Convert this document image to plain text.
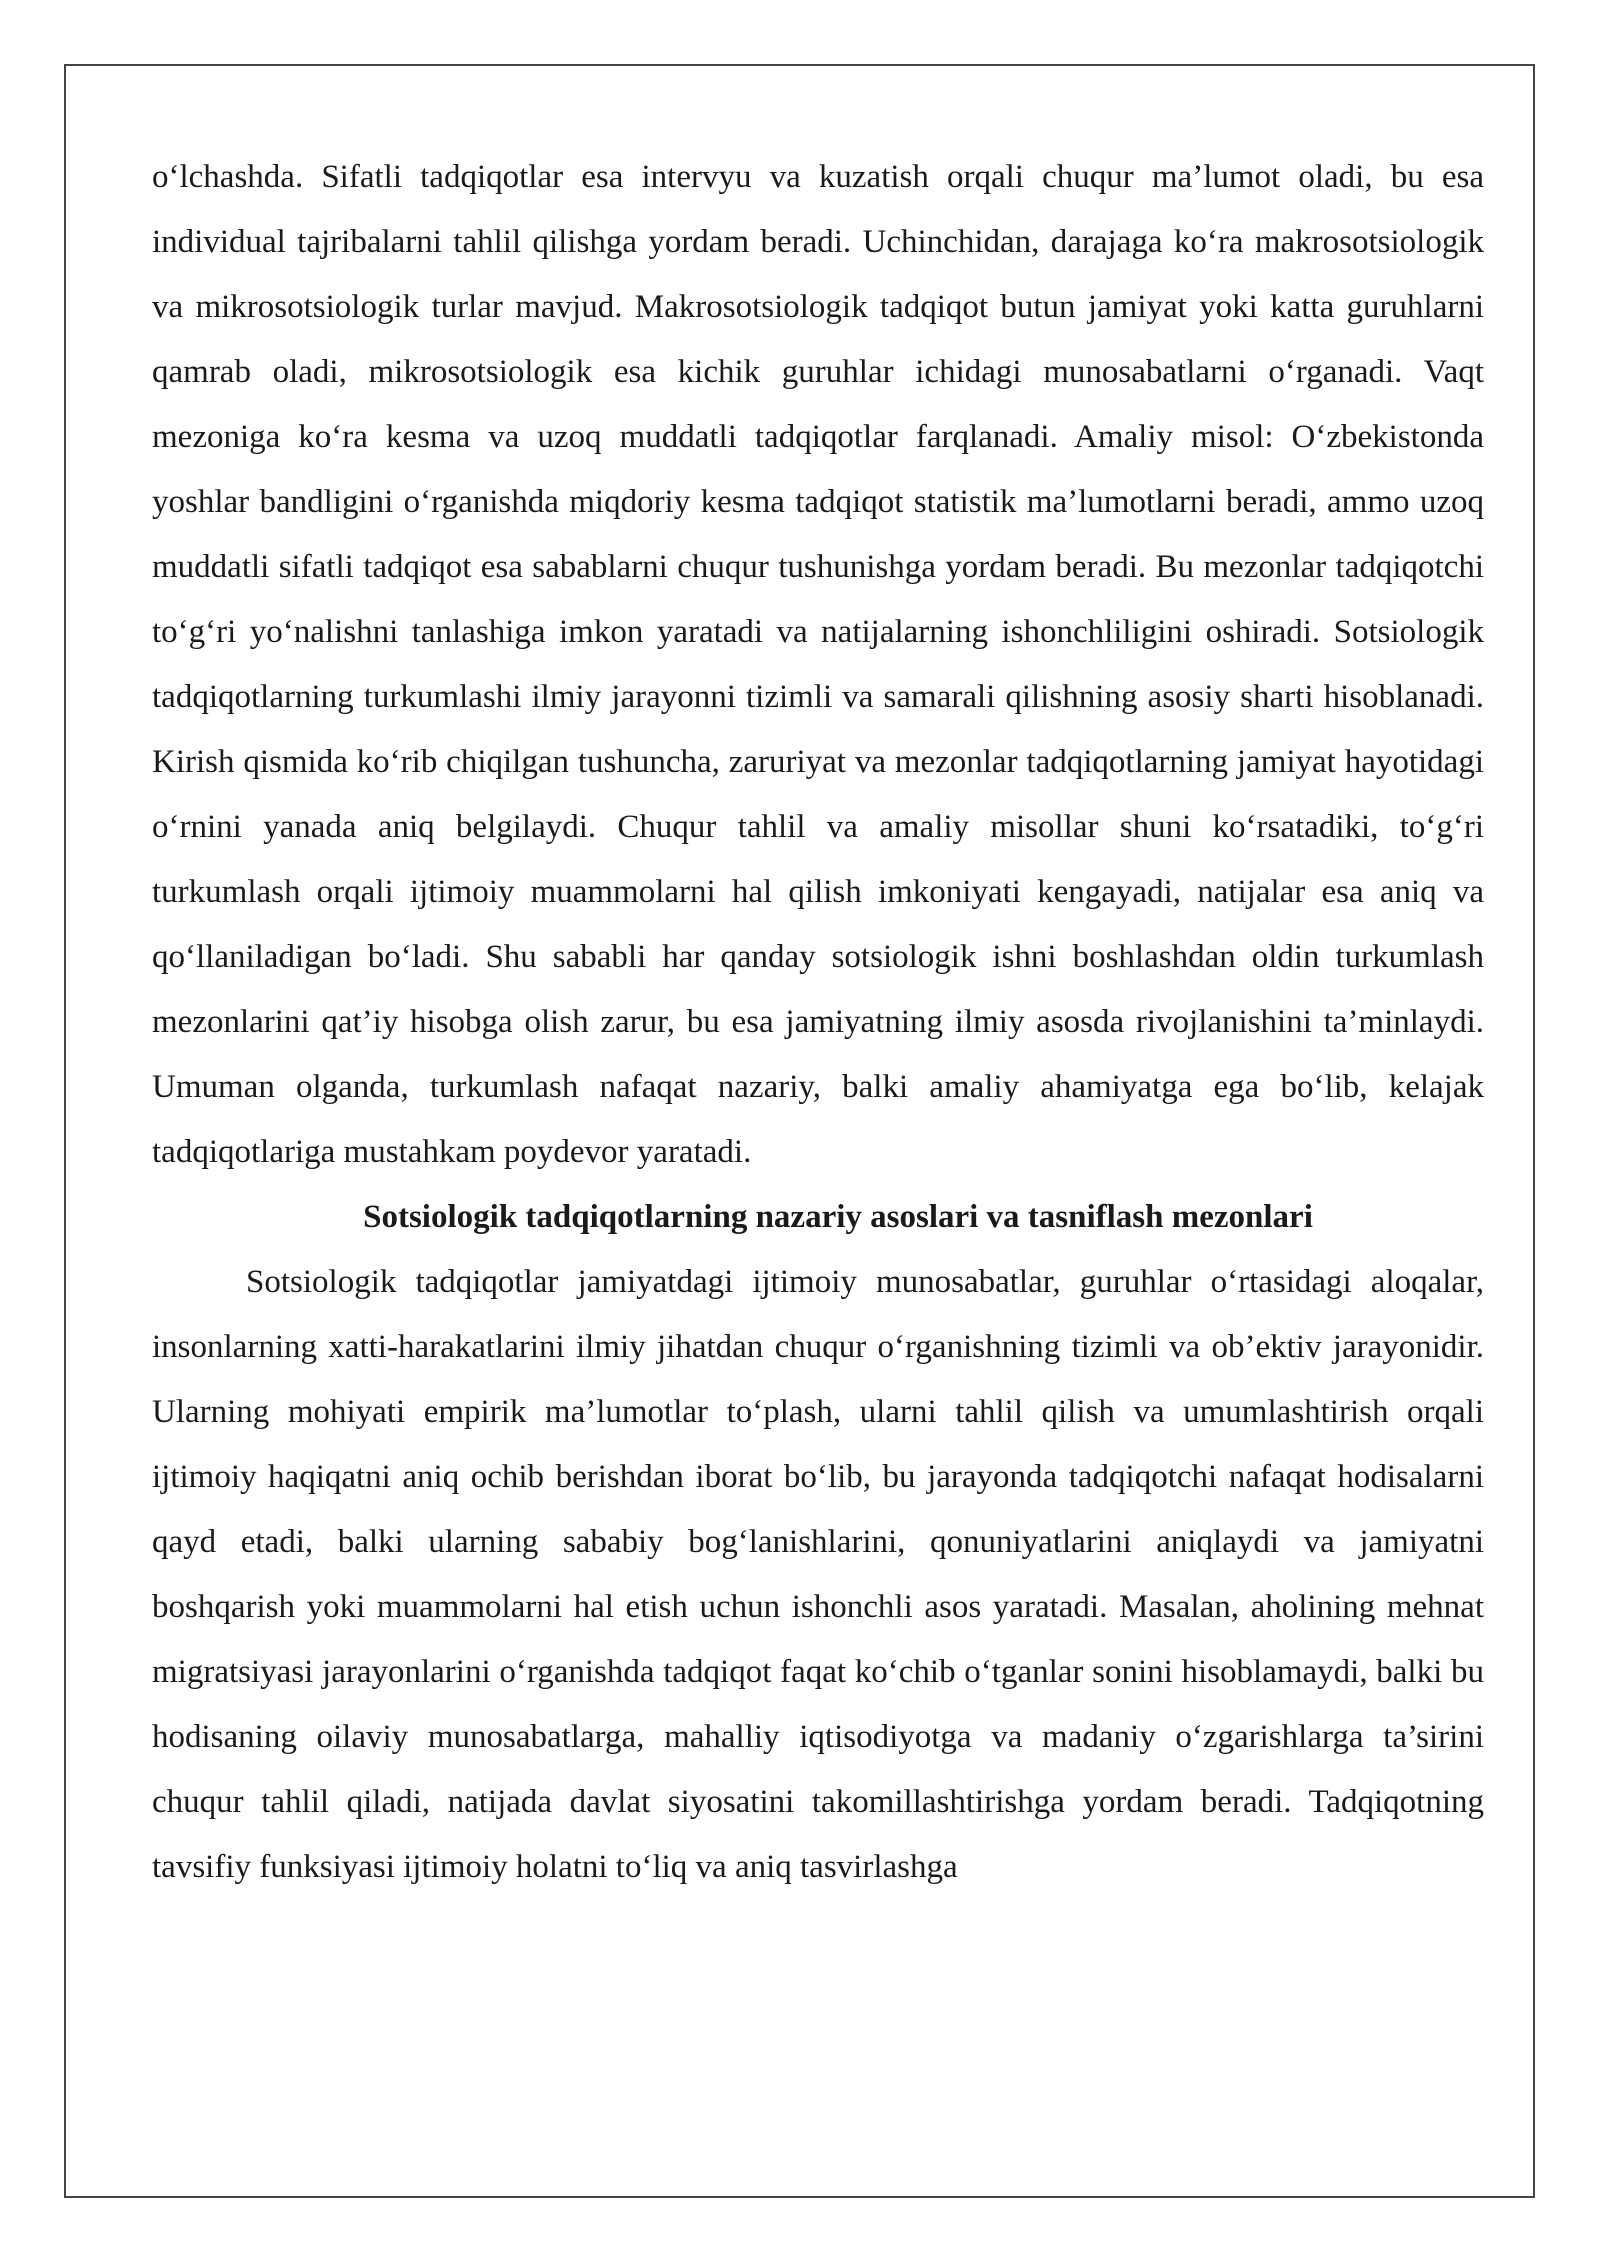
o‘lchashda. Sifatli tadqiqotlar esa intervyu va kuzatish orqali chuqur ma’lumot oladi, bu esa individual tajribalarni tahlil qilishga yordam beradi. Uchinchidan, darajaga ko‘ra makrosotsiologik va mikrosotsiologik turlar mavjud. Makrosotsiologik tadqiqot butun jamiyat yoki katta guruhlarni qamrab oladi, mikrosotsiologik esa kichik guruhlar ichidagi munosabatlarni o‘rganadi. Vaqt mezoniga ko‘ra kesma va uzoq muddatli tadqiqotlar farqlanadi. Amaliy misol: O‘zbekistonda yoshlar bandligini o‘rganishda miqdoriy kesma tadqiqot statistik ma’lumotlarni beradi, ammo uzoq muddatli sifatli tadqiqot esa sabablarni chuqur tushunishga yordam beradi. Bu mezonlar tadqiqotchi to‘g‘ri yo‘nalishni tanlashiga imkon yaratadi va natijalarning ishonchliligini oshiradi. Sotsiologik tadqiqotlarning turkumlashi ilmiy jarayonni tizimli va samarali qilishning asosiy sharti hisoblanadi. Kirish qismida ko‘rib chiqilgan tushuncha, zaruriyat va mezonlar tadqiqotlarning jamiyat hayotidagi o‘rnini yanada aniq belgilaydi. Chuqur tahlil va amaliy misollar shuni ko‘rsatadiki, to‘g‘ri turkumlash orqali ijtimoiy muammolarni hal qilish imkoniyati kengayadi, natijalar esa aniq va qo‘llaniladigan bo‘ladi. Shu sababli har qanday sotsiologik ishni boshlashdan oldin turkumlash mezonlarini qat’iy hisobga olish zarur, bu esa jamiyatning ilmiy asosda rivojlanishini ta’minlaydi. Umuman olganda, turkumlash nafaqat nazariy, balki amaliy ahamiyatga ega bo‘lib, kelajak tadqiqotlariga mustahkam poydevor yaratadi.

Sotsiologik tadqiqotlarning nazariy asoslari va tasniflash mezonlari

Sotsiologik tadqiqotlar jamiyatdagi ijtimoiy munosabatlar, guruhlar o‘rtasidagi aloqalar, insonlarning xatti-harakatlarini ilmiy jihatdan chuqur o‘rganishning tizimli va ob’ektiv jarayonidir. Ularning mohiyati empirik ma’lumotlar to‘plash, ularni tahlil qilish va umumlashtirish orqali ijtimoiy haqiqatni aniq ochib berishdan iborat bo‘lib, bu jarayonda tadqiqotchi nafaqat hodisalarni qayd etadi, balki ularning sababiy bog‘lanishlarini, qonuniyatlarini aniqlaydi va jamiyatni boshqarish yoki muammolarni hal etish uchun ishonchli asos yaratadi. Masalan, aholining mehnat migratsiyasi jarayonlarini o‘rganishda tadqiqot faqat ko‘chib o‘tganlar sonini hisoblamaydi, balki bu hodisaning oilaviy munosabatlarga, mahalliy iqtisodiyotga va madaniy o‘zgarishlarga ta’sirini chuqur tahlil qiladi, natijada davlat siyosatini takomillashtirishga yordam beradi. Tadqiqotning tavsifiy funksiyasi ijtimoiy holatni to‘liq va aniq tasvirlashga
